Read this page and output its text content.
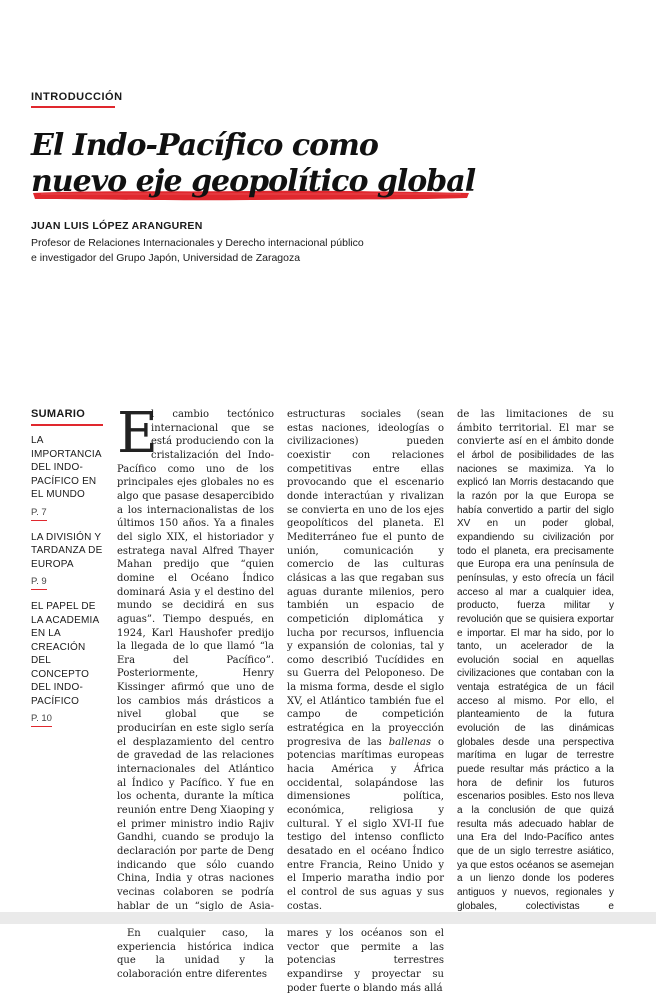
INTRODUCCIÓN
El Indo-Pacífico como
nuevo eje geopolítico global
JUAN LUIS LÓPEZ ARANGUREN
Profesor de Relaciones Internacionales y Derecho internacional público
e investigador del Grupo Japón, Universidad de Zaragoza
SUMARIO
LA IMPORTANCIA DEL INDO-PACÍFICO EN EL MUNDO
P. 7
LA DIVISIÓN Y TARDANZA DE EUROPA
P. 9
EL PAPEL DE LA ACADEMIA EN LA CREACIÓN DEL CONCEPTO DEL INDO-PACÍFICO
P. 10

E
l cambio tectónico internacional que se está produciendo con la cristalización del Indo-Pacífico como uno de los principales ejes globales no es algo que pasase desapercibido a los internacionalistas de los últimos 150 años. Ya a finales del siglo XIX, el historiador y estratega naval Alfred Thayer Mahan predijo que “quien domine el Océano Índico dominará Asia y el destino del mundo se decidirá en sus aguas”. Tiempo después, en 1924, Karl Haushofer predijo la llegada de lo que llamó “la Era del Pacífico”. Posteriormente, Henry Kissinger afirmó que uno de los cambios más drásticos a nivel global que se producirían en este siglo sería el desplazamiento del centro de gravedad de las relaciones internacionales del Atlántico al Índico y Pacífico. Y fue en los ochenta, durante la mítica reunión entre Deng Xiaoping y el primer ministro indio Rajiv Gandhi, cuando se produjo la declaración por parte de Deng indicando que sólo cuando China, India y otras naciones vecinas colaboren se podría hablar de un “siglo de Asia-

En cualquier caso, la experiencia histórica indica que la unidad y la colaboración entre diferentes

estructuras sociales (sean estas naciones, ideologías o civilizaciones) pueden coexistir con relaciones competitivas entre ellas provocando que el escenario donde interactúan y rivalizan se convierta en uno de los ejes geopolíticos del planeta. El Mediterráneo fue el punto de unión, comunicación y comercio de las culturas clásicas a las que regaban sus aguas durante milenios, pero también un espacio de competición diplomática y lucha por recursos, influencia y expansión de colonias, tal y como describió Tucídides en su Guerra del Peloponeso. De la misma forma, desde el siglo XV, el Atlántico también fue el campo de competición estratégica en la proyección progresiva de las ballenas o potencias marítimas europeas hacia América y África occidental, solapándose las dimensiones política, económica, religiosa y cultural. Y el siglo XVI-II fue testigo del intenso conflicto desatado en el océano Índico entre Francia, Reino Unido y el Imperio maratha indio por el control de sus aguas y sus costas.

mares y los océanos son el vector que permite a las potencias terrestres expandirse y proyectar su poder fuerte o blando más allá

de las limitaciones de su ámbito territorial. El mar se convierte así en el ámbito donde el árbol de posibilidades de las naciones se maximiza. Ya lo explicó Ian Morris destacando que la razón por la que Europa se había convertido a partir del siglo XV en un poder global, expandiendo su civilización por todo el planeta, era precisamente que Europa era una península de penínsulas, y esto ofrecía un fácil acceso al mar a cualquier idea, producto, fuerza militar y revolución que se quisiera exportar e importar. El mar ha sido, por lo tanto, un acelerador de la evolución social en aquellas civilizaciones que contaban con la ventaja estratégica de un fácil acceso al mismo. Por ello, el planteamiento de la futura evolución de las dinámicas globales desde una perspectiva marítima en lugar de terrestre puede resultar más práctico a la hora de definir los futuros escenarios posibles. Esto nos lleva a la conclusión de que quizá resulta más adecuado hablar de una Era del Indo-Pacífico antes que de un siglo terrestre asiático, ya que estos océanos se asemejan a un lienzo donde los poderes antiguos y nuevos, regionales y globales, colectivistas e
